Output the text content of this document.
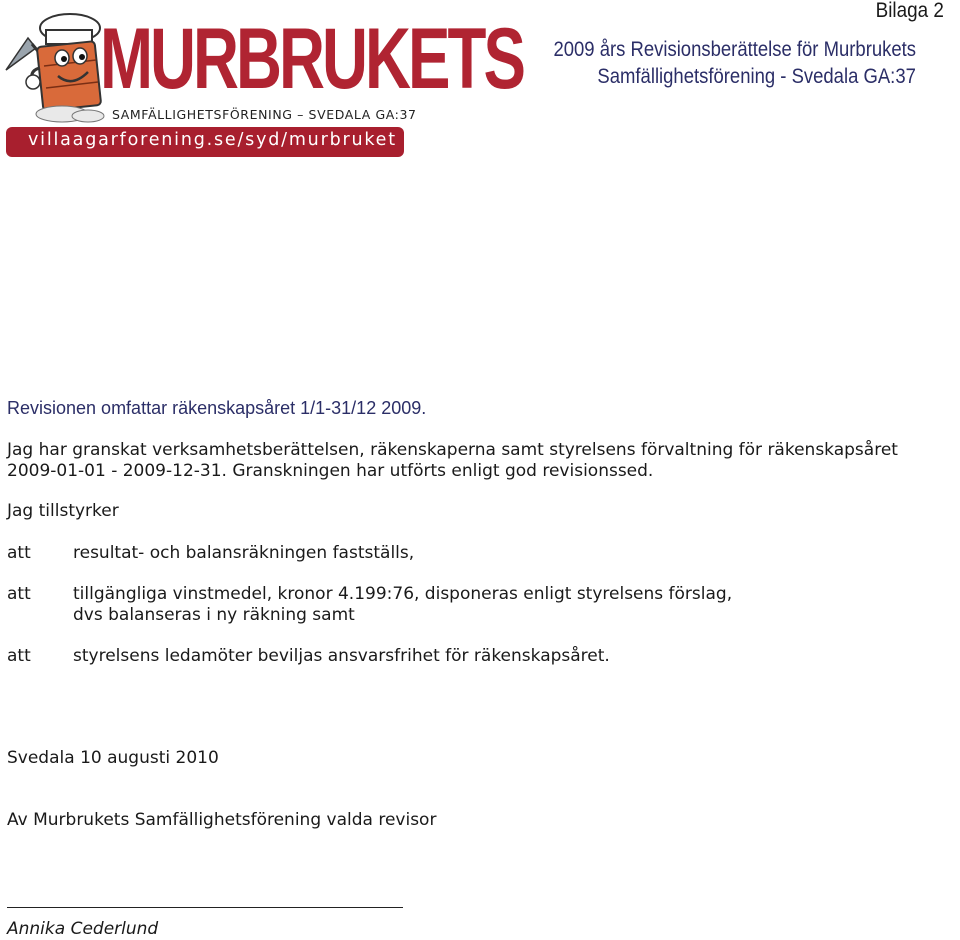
MURBRUKETS
SAMFÄLLIGHETSFÖRENING – SVEDALA GA:37
villaagarforening.se/syd/murbruket
Bilaga 2
2009 års Revisionsberättelse för Murbrukets
Samfällighetsförening - Svedala GA:37
Revisionen omfattar räkenskapsåret 1/1-31/12 2009.
Jag har granskat verksamhetsberättelsen, räkenskaperna samt styrelsens förvaltning för räkenskapsåret
2009-01-01 - 2009-12-31. Granskningen har utförts enligt god revisionssed.
Jag tillstyrker
att	resultat- och balansräkningen fastställs,
att	tillgängliga vinstmedel, kronor 4.199:76, disponeras enligt styrelsens förslag,
dvs balanseras i ny räkning samt
att	styrelsens ledamöter beviljas ansvarsfrihet för räkenskapsåret.
Svedala 10 augusti 2010
Av Murbrukets Samfällighetsförening valda revisor
Annika Cederlund
